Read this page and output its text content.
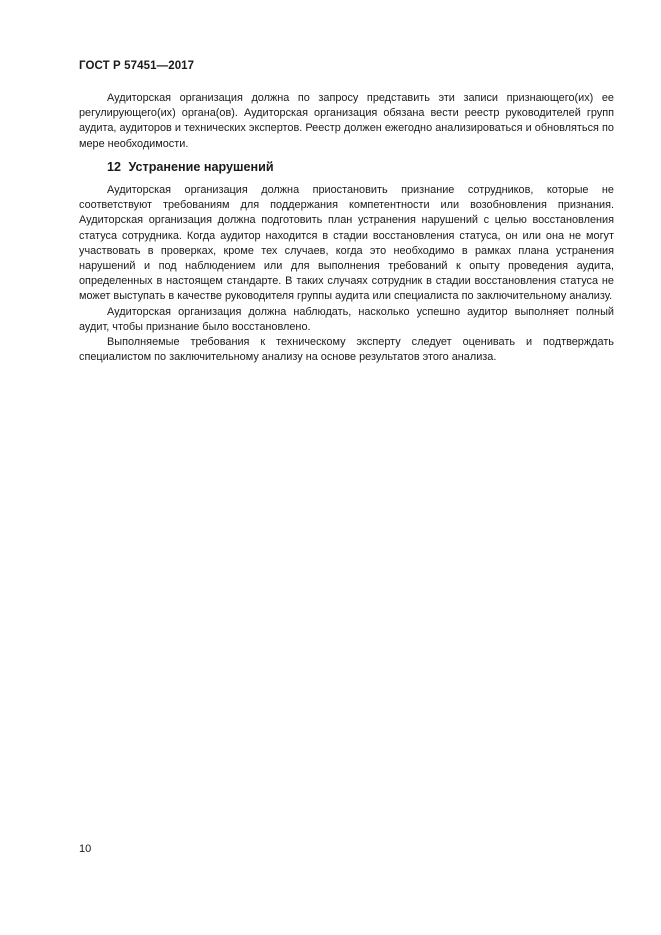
ГОСТ Р 57451—2017

Аудиторская организация должна по запросу представить эти записи признающего(их) ее регулирующего(их) органа(ов). Аудиторская организация обязана вести реестр руководителей групп аудита, аудиторов и технических экспертов. Реестр должен ежегодно анализироваться и обновляться по мере необходимости.

12 Устранение нарушений

Аудиторская организация должна приостановить признание сотрудников, которые не соответствуют требованиям для поддержания компетентности или возобновления признания. Аудиторская организация должна подготовить план устранения нарушений с целью восстановления статуса сотрудника. Когда аудитор находится в стадии восстановления статуса, он или она не могут участвовать в проверках, кроме тех случаев, когда это необходимо в рамках плана устранения нарушений и под наблюдением или для выполнения требований к опыту проведения аудита, определенных в настоящем стандарте. В таких случаях сотрудник в стадии восстановления статуса не может выступать в качестве руководителя группы аудита или специалиста по заключительному анализу.

Аудиторская организация должна наблюдать, насколько успешно аудитор выполняет полный аудит, чтобы признание было восстановлено.

Выполняемые требования к техническому эксперту следует оценивать и подтверждать специалистом по заключительному анализу на основе результатов этого анализа.

10
